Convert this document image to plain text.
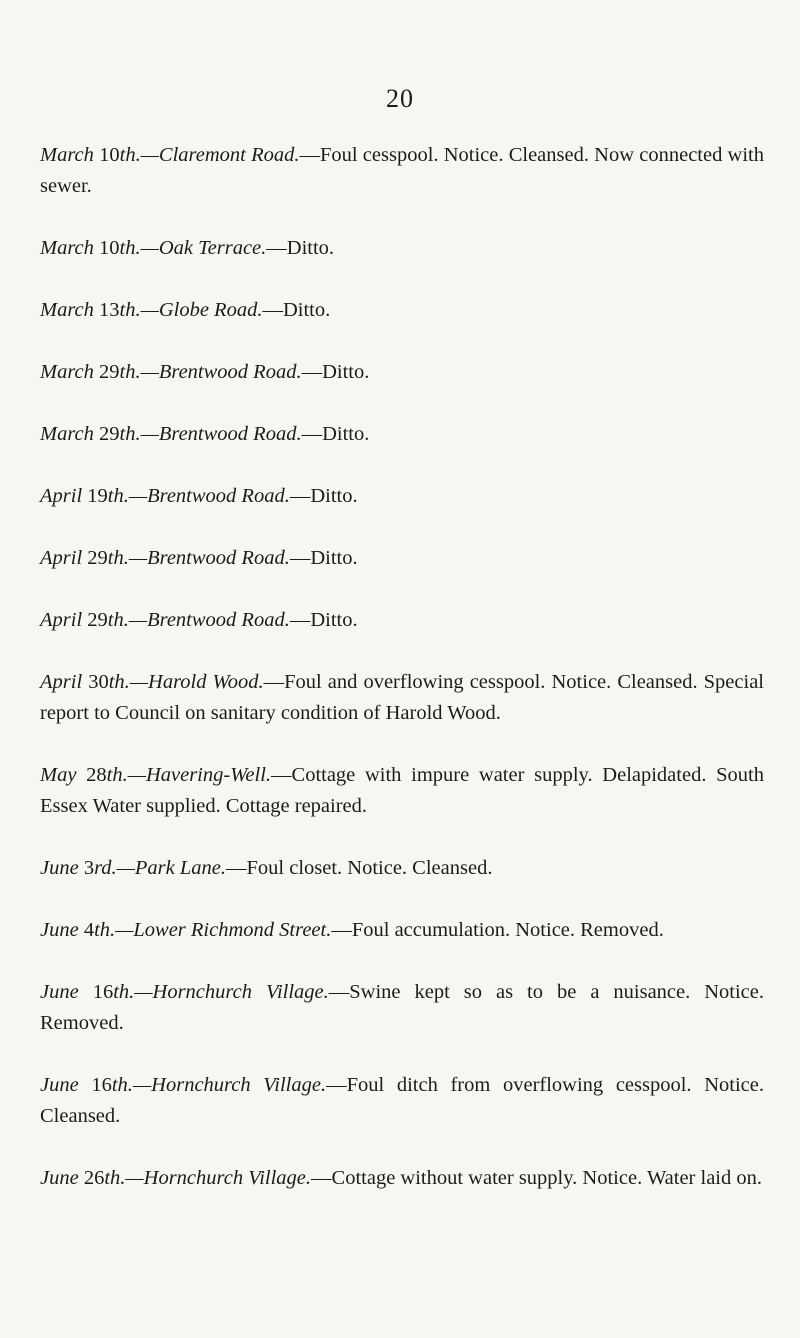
20

March 10th.—Claremont Road.—Foul cesspool. Notice. Cleansed. Now connected with sewer.

March 10th.—Oak Terrace.—Ditto.

March 13th.—Globe Road.—Ditto.

March 29th.—Brentwood Road.—Ditto.

March 29th.—Brentwood Road.—Ditto.

April 19th.—Brentwood Road.—Ditto.

April 29th.—Brentwood Road.—Ditto.

April 29th.—Brentwood Road.—Ditto.

April 30th.—Harold Wood.—Foul and overflowing cesspool. Notice. Cleansed. Special report to Council on sanitary condition of Harold Wood.

May 28th.—Havering-Well.—Cottage with impure water supply. Delapidated. South Essex Water supplied. Cottage repaired.

June 3rd.—Park Lane.—Foul closet. Notice. Cleansed.

June 4th.—Lower Richmond Street.—Foul accumulation. Notice. Removed.

June 16th.—Hornchurch Village.—Swine kept so as to be a nuisance. Notice. Removed.

June 16th.—Hornchurch Village.—Foul ditch from overflowing cesspool. Notice. Cleansed.

June 26th.—Hornchurch Village.—Cottage without water supply. Notice. Water laid on.
